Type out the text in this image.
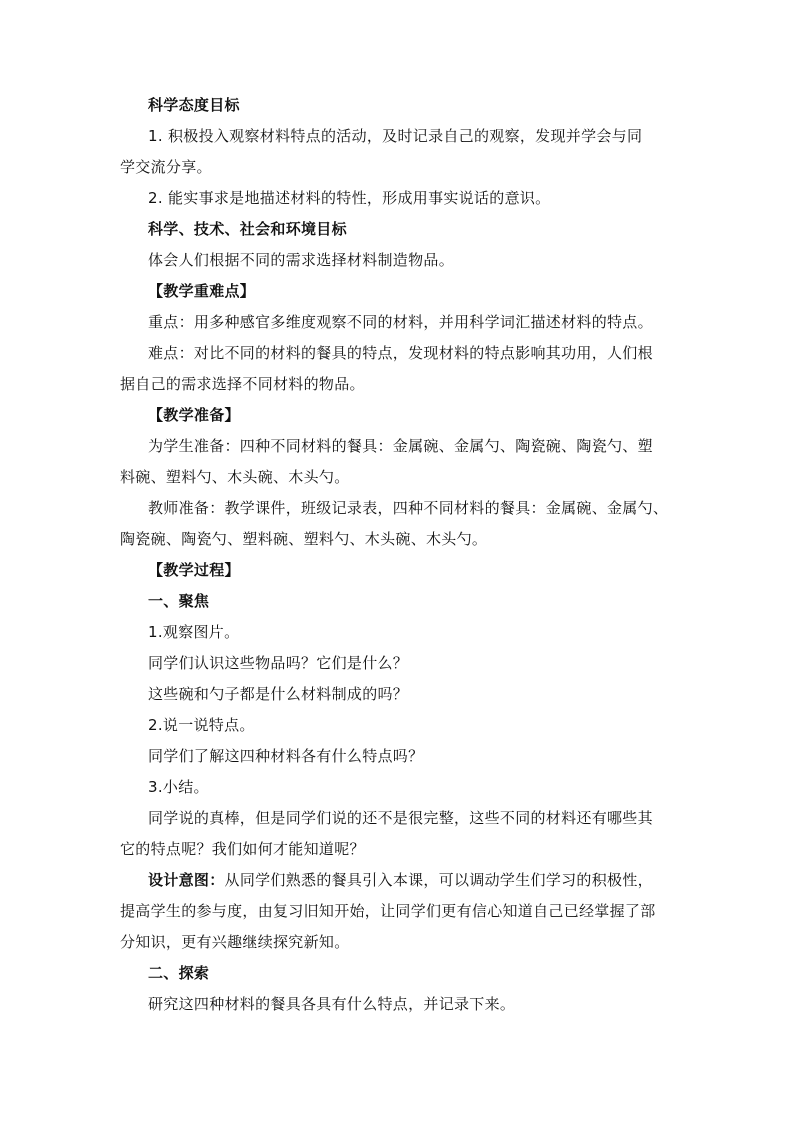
科学态度目标
1. 积极投入观察材料特点的活动，及时记录自己的观察，发现并学会与同
学交流分享。
2. 能实事求是地描述材料的特性，形成用事实说话的意识。
科学、技术、社会和环境目标
体会人们根据不同的需求选择材料制造物品。
【教学重难点】
重点：用多种感官多维度观察不同的材料，并用科学词汇描述材料的特点。
难点：对比不同的材料的餐具的特点，发现材料的特点影响其功用，人们根
据自己的需求选择不同材料的物品。
【教学准备】
为学生准备：四种不同材料的餐具：金属碗、金属勺、陶瓷碗、陶瓷勺、塑
料碗、塑料勺、木头碗、木头勺。
教师准备：教学课件，班级记录表，四种不同材料的餐具：金属碗、金属勺、
陶瓷碗、陶瓷勺、塑料碗、塑料勺、木头碗、木头勺。
【教学过程】
一、聚焦
1.观察图片。
同学们认识这些物品吗？它们是什么？
这些碗和勺子都是什么材料制成的吗？
2.说一说特点。
同学们了解这四种材料各有什么特点吗？
3.小结。
同学说的真棒，但是同学们说的还不是很完整，这些不同的材料还有哪些其
它的特点呢？我们如何才能知道呢？
设计意图：从同学们熟悉的餐具引入本课，可以调动学生们学习的积极性，
提高学生的参与度，由复习旧知开始，让同学们更有信心知道自己已经掌握了部
分知识，更有兴趣继续探究新知。
二、探索
研究这四种材料的餐具各具有什么特点，并记录下来。
